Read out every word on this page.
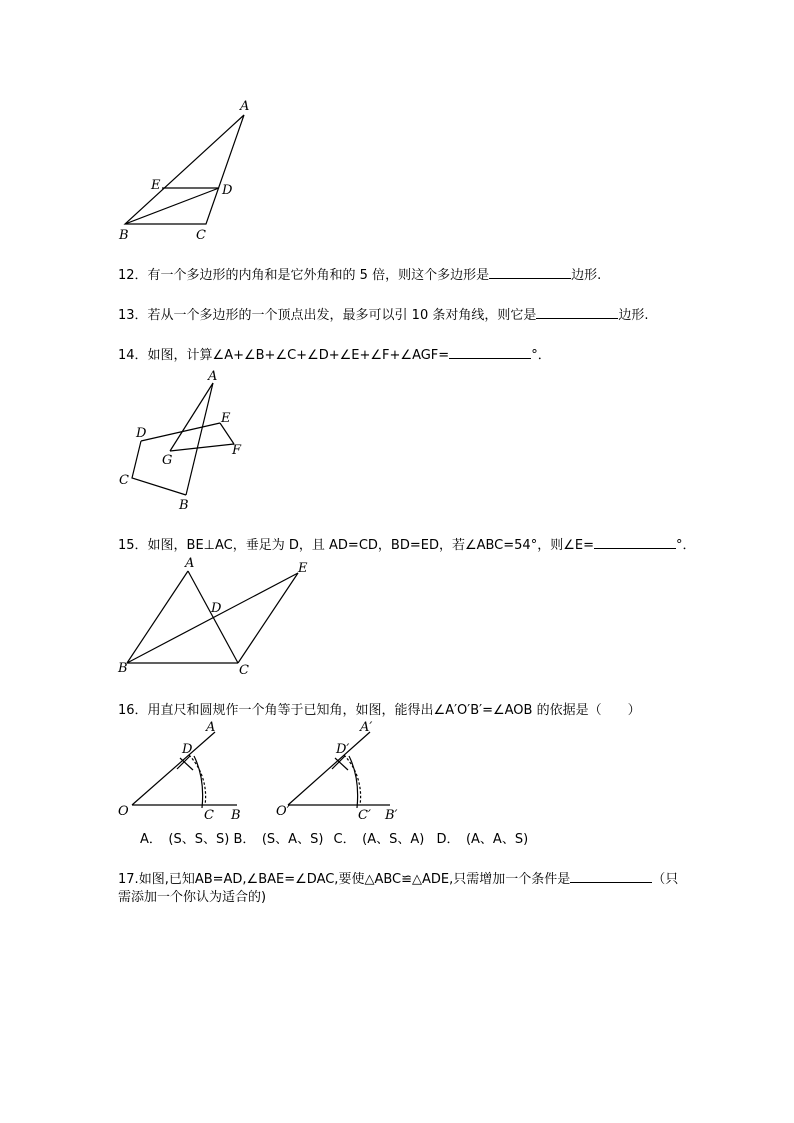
A
E	D
B	C
12．有一个多边形的内角和是它外角和的 5 倍，则这个多边形是	边形.
13．若从一个多边形的一个顶点出发，最多可以引 10 条对角线，则它是	边形.
14．如图，计算∠A+∠B+∠C+∠D+∠E+∠F+∠AGF=	°．
A
D
E
F
G
C
B
15．如图，BE⊥AC，垂足为 D，且 AD=CD，BD=ED，若∠ABC=54°，则∠E=	°．
A	E
D
B	C
16．用直尺和圆规作一个角等于已知角，如图，能得出∠A′O′B′=∠AOB 的依据是（　　）
O
A
D
C B	O′
A′
D′
C′ B′
A．　(S、S、S) B．　(S、A、S) C．　(A、S、A) D．　(A、A、S)
17.如图,已知AB=AD,∠BAE=∠DAC,要使△ABC≌△ADE,只需增加一个条件是	（只需添加一个你认为适合的)
